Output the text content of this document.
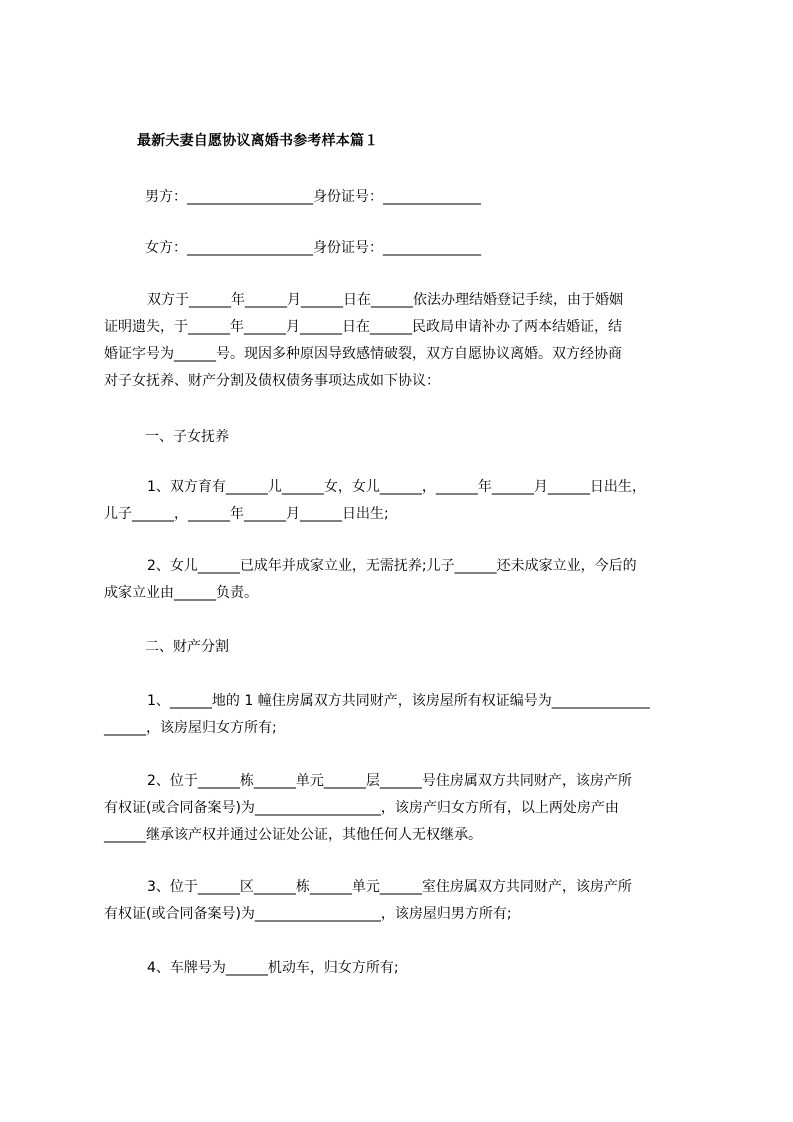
最新夫妻自愿协议离婚书参考样本篇１
男方：__________________身份证号：______________
女方：__________________身份证号：______________

双方于______年______月______日在______依法办理结婚登记手续，由于婚姻

证明遗失，于______年______月______日在______民政局申请补办了两本结婚证，结

婚证字号为______号。现因多种原因导致感情破裂，双方自愿协议离婚。双方经协商

对子女抚养、财产分割及债权债务事项达成如下协议：

一、子女抚养

1、双方育有______儿______女，女儿______，______年______月______日出生，

儿子______，______年______月______日出生;

2、女儿______已成年并成家立业，无需抚养;儿子______还未成家立业，今后的

成家立业由______负责。

二、财产分割

1、______地的 1 幢住房属双方共同财产，该房屋所有权证编号为______________

______，该房屋归女方所有;

2、位于______栋______单元______层______号住房属双方共同财产，该房产所

有权证(或合同备案号)为__________________，该房产归女方所有，以上两处房产由

______继承该产权并通过公证处公证，其他任何人无权继承。

3、位于______区______栋______单元______室住房属双方共同财产，该房产所

有权证(或合同备案号)为__________________，该房屋归男方所有;

4、车牌号为______机动车，归女方所有;
